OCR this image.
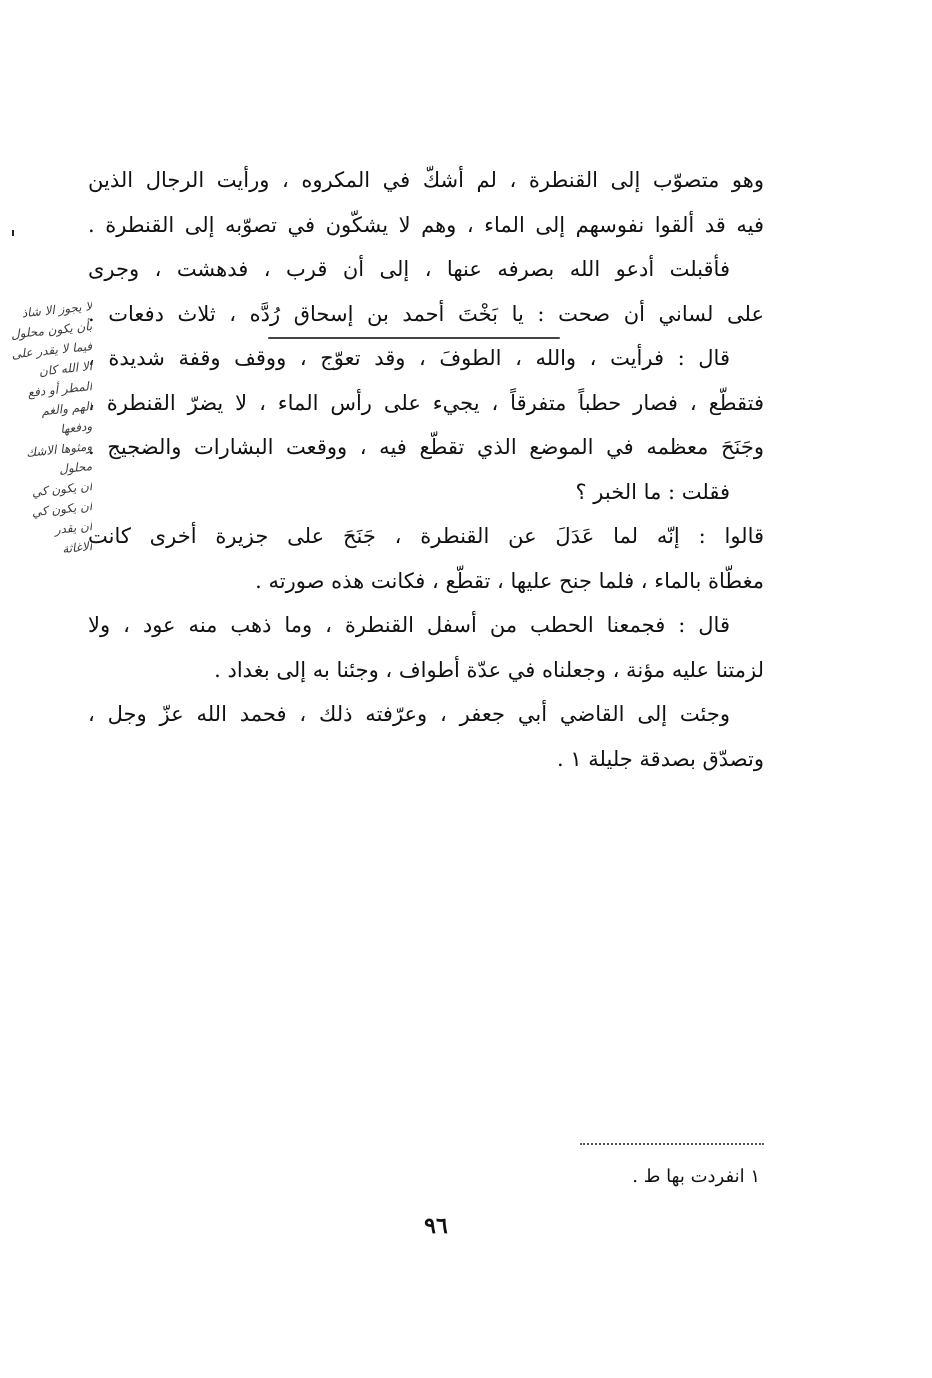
وهو متصوّب إلى القنطرة ، لم أشكّ في المكروه ، ورأيت الرجال الذين
فيه قد ألقوا نفوسهم إلى الماء ، وهم لا يشكّون في تصوّبه إلى القنطرة .
فأقبلت أدعو الله بصرفه عنها ، إلى أن قرب ، فدهشت ، وجرى
على لساني أن صحت : يا بَخْتَ أحمد بن إسحاق رُدَّه ، ثلاث دفعات .
قال : فرأيت ، والله ، الطوفَ ، وقد تعوّج ، ووقف وقفة شديدة ،
فتقطّع ، فصار حطباً متفرقاً ، يجيء على رأس الماء ، لا يضرّ القنطرة ،
وجَنَحَ معظمه في الموضع الذي تقطّع فيه ، ووقعت البشارات والضجيج .
فقلت : ما الخبر ؟
قالوا : إنّه لما عَدَلَ عن القنطرة ، جَنَحَ على جزيرة أخرى كانت
مغطّاة بالماء ، فلما جنح عليها ، تقطّع ، فكانت هذه صورته .
قال : فجمعنا الحطب من أسفل القنطرة ، وما ذهب منه عود ، ولا
لزمتنا عليه مؤنة ، وجعلناه في عدّة أطواف ، وجئنا به إلى بغداد .
وجئت إلى القاضي أبي جعفر ، وعرّفته ذلك ، فحمد الله عزّ وجل ،
وتصدّق بصدقة جليلة ١ .
لا يجوز الا شاذ
بأن يكون محلول
فيما لا يقدر على
الا الله كان
المطر أو دفع
الهم والغم
ودفعها
ومثوها الاشك
محلول
ان يكون كي
ان يكون كي
أن يقدر
الاغاثة
١ انفردت بها ط .
٩٦
